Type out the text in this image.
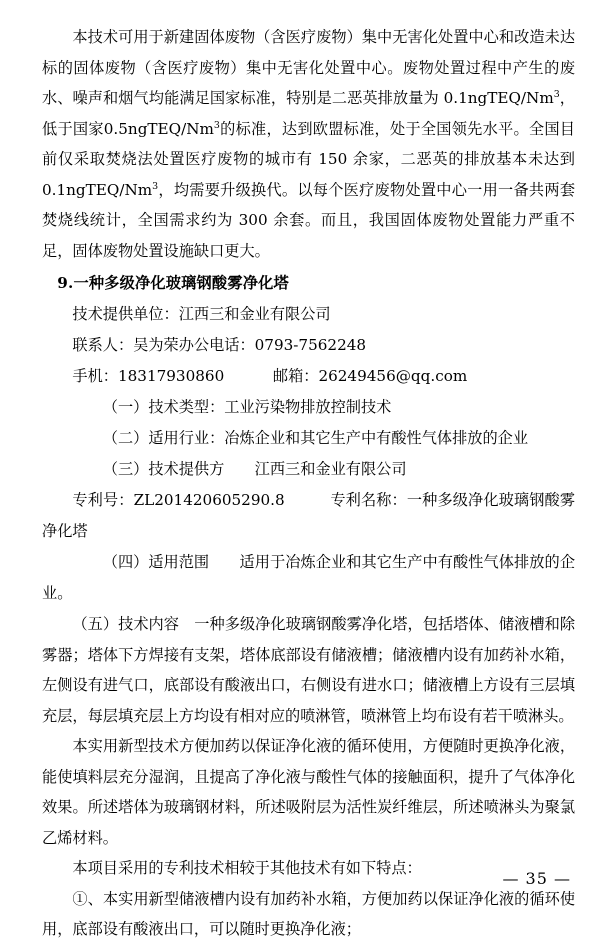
本技术可用于新建固体废物（含医疗废物）集中无害化处置中心和改造未达标的固体废物（含医疗废物）集中无害化处置中心。废物处置过程中产生的废水、噪声和烟气均能满足国家标准，特别是二恶英排放量为 0.1ngTEQ/Nm$^3$，低于国家0.5ngTEQ/Nm$^3$的标准，达到欧盟标准，处于全国领先水平。全国目前仅采取焚烧法处置医疗废物的城市有 150 余家，二恶英的排放基本未达到 0.1ngTEQ/Nm$^3$，均需要升级换代。以每个医疗废物处置中心一用一备共两套焚烧线统计，全国需求约为 300 余套。而且，我国固体废物处置能力严重不足，固体废物处置设施缺口更大。

9.一种多级净化玻璃钢酸雾净化塔

技术提供单位：江西三和金业有限公司

联系人：吴为荣办公电话：0793-7562248

手机：18317930860	邮箱：26249456@qq.com

（一）技术类型：工业污染物排放控制技术

（二）适用行业：冶炼企业和其它生产中有酸性气体排放的企业

（三）技术提供方 江西三和金业有限公司

专利号：ZL201420605290.8	专利名称：一种多级净化玻璃钢酸雾净化塔

（四）适用范围 适用于冶炼企业和其它生产中有酸性气体排放的企业。

（五）技术内容　一种多级净化玻璃钢酸雾净化塔，包括塔体、储液槽和除雾器；塔体下方焊接有支架，塔体底部设有储液槽；储液槽内设有加药补水箱，左侧设有进气口，底部设有酸液出口，右侧设有进水口；储液槽上方设有三层填充层，每层填充层上方均设有相对应的喷淋管，喷淋管上均布设有若干喷淋头。

本实用新型技术方便加药以保证净化液的循环使用，方便随时更换净化液，能使填料层充分湿润，且提高了净化液与酸性气体的接触面积，提升了气体净化效果。所述塔体为玻璃钢材料，所述吸附层为活性炭纤维层，所述喷淋头为聚氯乙烯材料。

本项目采用的专利技术相较于其他技术有如下特点：

①、本实用新型储液槽内设有加药补水箱，方便加药以保证净化液的循环使用，底部设有酸液出口，可以随时更换净化液；

— 35 —
